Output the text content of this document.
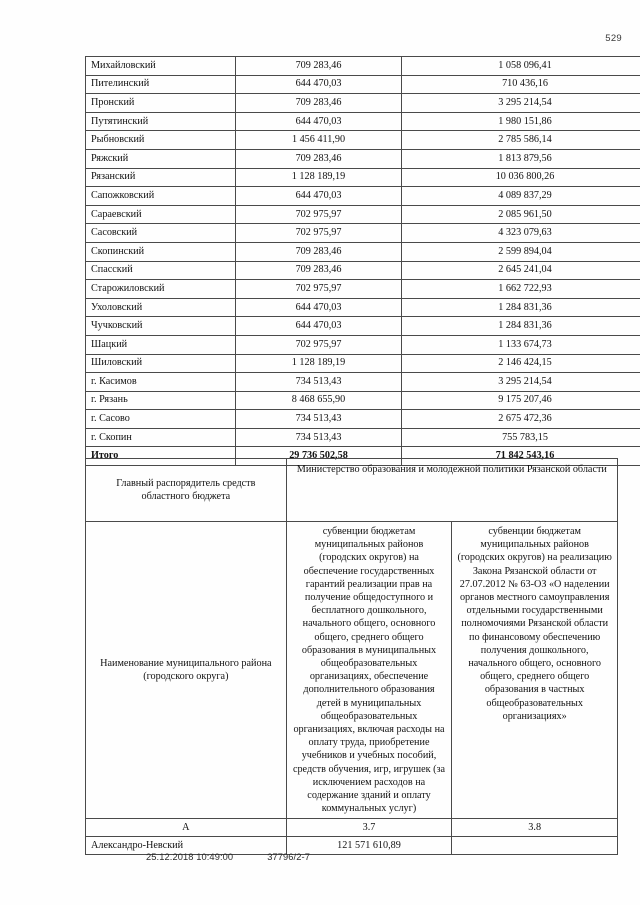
529
Михайловский	709 283,46	1 058 096,41
Пителинский	644 470,03	710 436,16
Пронский	709 283,46	3 295 214,54
Путятинский	644 470,03	1 980 151,86
Рыбновский	1 456 411,90	2 785 586,14
Ряжский	709 283,46	1 813 879,56
Рязанский	1 128 189,19	10 036 800,26
Сапожковский	644 470,03	4 089 837,29
Сараевский	702 975,97	2 085 961,50
Сасовский	702 975,97	4 323 079,63
Скопинский	709 283,46	2 599 894,04
Спасский	709 283,46	2 645 241,04
Старожиловский	702 975,97	1 662 722,93
Ухоловский	644 470,03	1 284 831,36
Чучковский	644 470,03	1 284 831,36
Шацкий	702 975,97	1 133 674,73
Шиловский	1 128 189,19	2 146 424,15
г. Касимов	734 513,43	3 295 214,54
г. Рязань	8 468 655,90	9 175 207,46
г. Сасово	734 513,43	2 675 472,36
г. Скопин	734 513,43	755 783,15
Итого	29 736 502,58	71 842 543,16
Главный распорядитель средств областного бюджета	Министерство образования и молодежной политики Рязанской области	
Наименование муниципального района (городского округа)	субвенции бюджетам муниципальных районов (городских округов) на обеспечение государственных гарантий реализации прав на получение общедоступного и бесплатного дошкольного, начального общего, основного общего, среднего общего образования в муниципальных общеобразовательных организациях, обеспечение дополнительного образования детей в муниципальных общеобразовательных организациях, включая расходы на оплату труда, приобретение учебников и учебных пособий, средств обучения, игр, игрушек (за исключением расходов на содержание зданий и оплату коммунальных услуг)	субвенции бюджетам муниципальных районов (городских округов) на реализацию Закона Рязанской области от 27.07.2012 № 63-ОЗ «О наделении органов местного самоуправления отдельными государственными полномочиями Рязанской области по финансовому обеспечению получения дошкольного, начального общего, основного общего, среднего общего образования в частных общеобразовательных организациях»
А	3.7	3.8
Александро-Невский	121 571 610,89	
25.12.2018 10:49:00	37796/2-7
